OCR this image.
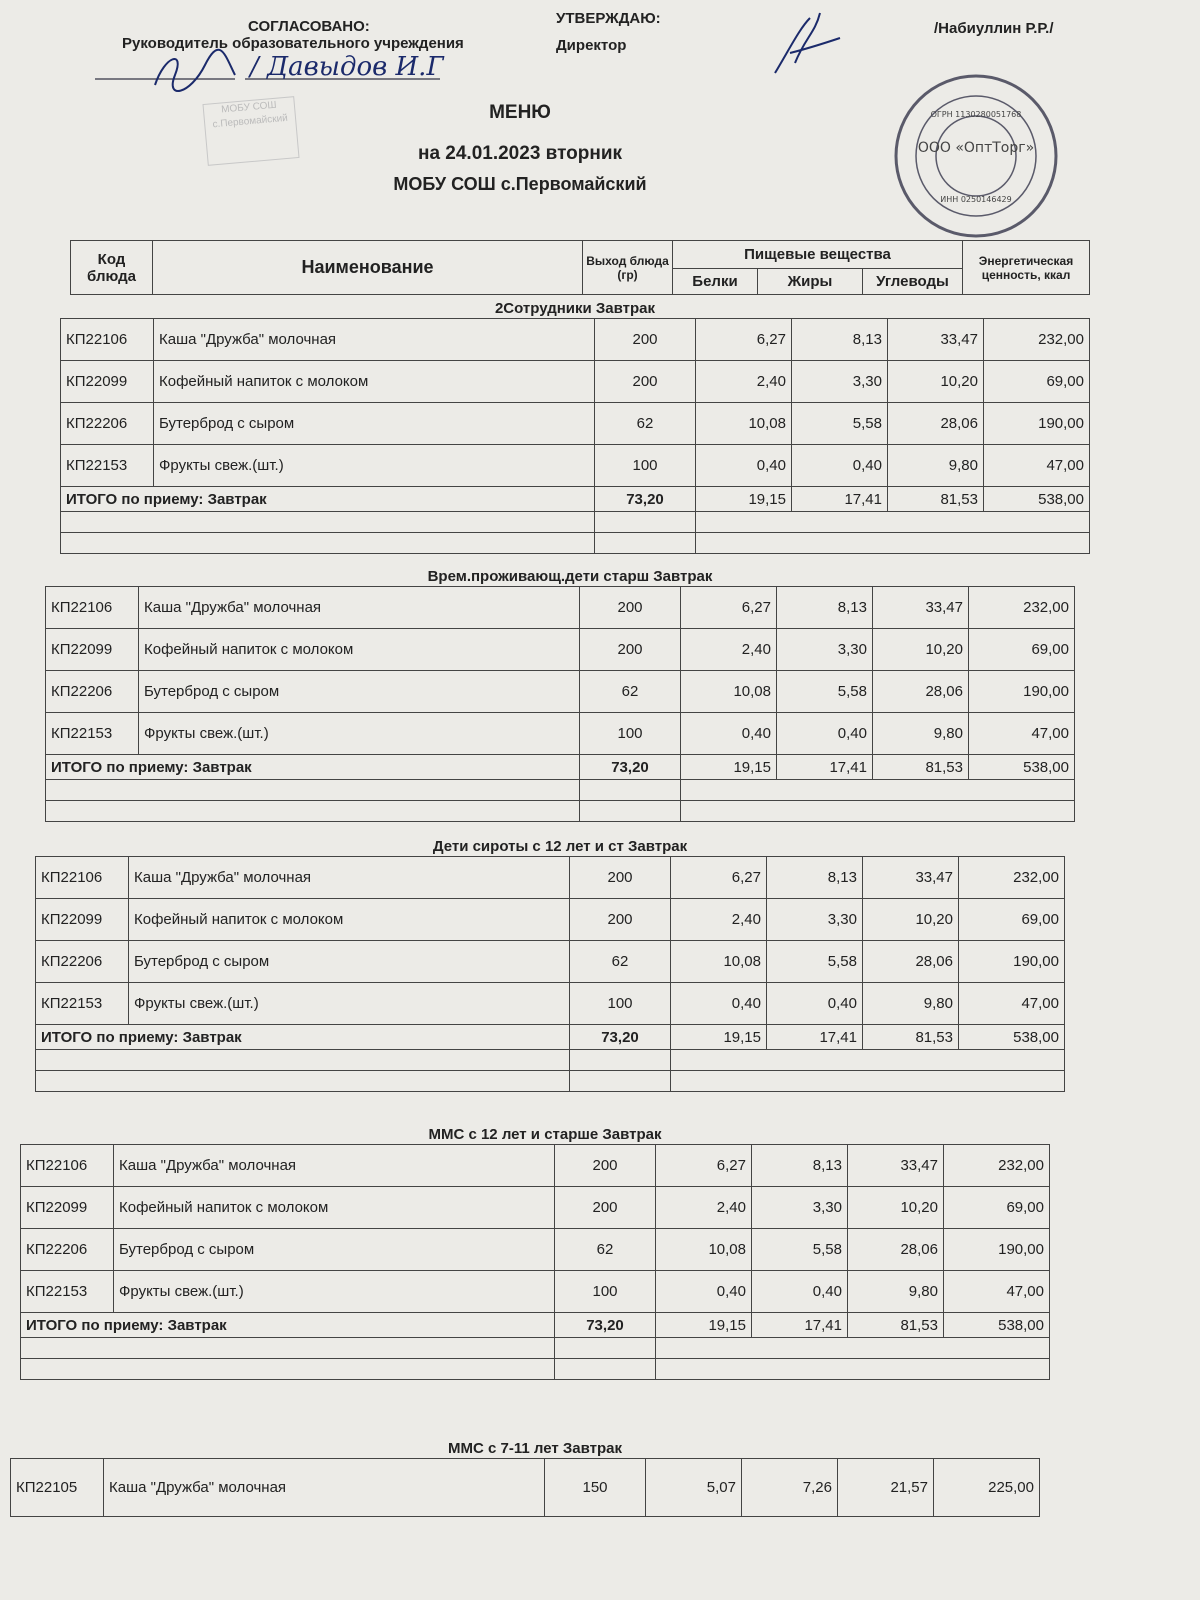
СОГЛАСОВАНО:
Руководитель образовательного учреждения
УТВЕРЖДАЮ:
Директор
/Набиуллин Р.Р./
/ Давыдов И.Г
МОБУ СОШ
с.Первомайский
ООО «ОптТорг»
ОГРН 1130280051768
ИНН 0250146429
МЕНЮ
на 24.01.2023 вторник
МОБУ СОШ с.Первомайский
Код блюда	Наименование	Выход блюда (гр)	Пищевые вещества			Энергетическая ценность, ккал
			Белки	Жиры	Углеводы	
2Сотрудники Завтрак
КП22106	Каша "Дружба" молочная	200	6,27	8,13	33,47	232,00
КП22099	Кофейный напиток с молоком	200	2,40	3,30	10,20	69,00
КП22206	Бутерброд с сыром	62	10,08	5,58	28,06	190,00
КП22153	Фрукты свеж.(шт.)	100	0,40	0,40	9,80	47,00
ИТОГО по приему: Завтрак		73,20	19,15	17,41	81,53	538,00

Врем.проживающ.дети старш Завтрак
КП22106	Каша "Дружба" молочная	200	6,27	8,13	33,47	232,00
КП22099	Кофейный напиток с молоком	200	2,40	3,30	10,20	69,00
КП22206	Бутерброд с сыром	62	10,08	5,58	28,06	190,00
КП22153	Фрукты свеж.(шт.)	100	0,40	0,40	9,80	47,00
ИТОГО по приему: Завтрак		73,20	19,15	17,41	81,53	538,00

Дети сироты с 12 лет и ст Завтрак
КП22106	Каша "Дружба" молочная	200	6,27	8,13	33,47	232,00
КП22099	Кофейный напиток с молоком	200	2,40	3,30	10,20	69,00
КП22206	Бутерброд с сыром	62	10,08	5,58	28,06	190,00
КП22153	Фрукты свеж.(шт.)	100	0,40	0,40	9,80	47,00
ИТОГО по приему: Завтрак		73,20	19,15	17,41	81,53	538,00

ММС с 12 лет и старше Завтрак
КП22106	Каша "Дружба" молочная	200	6,27	8,13	33,47	232,00
КП22099	Кофейный напиток с молоком	200	2,40	3,30	10,20	69,00
КП22206	Бутерброд с сыром	62	10,08	5,58	28,06	190,00
КП22153	Фрукты свеж.(шт.)	100	0,40	0,40	9,80	47,00
ИТОГО по приему: Завтрак		73,20	19,15	17,41	81,53	538,00

ММС с 7-11 лет Завтрак
КП22105	Каша "Дружба" молочная	150	5,07	7,26	21,57	225,00
